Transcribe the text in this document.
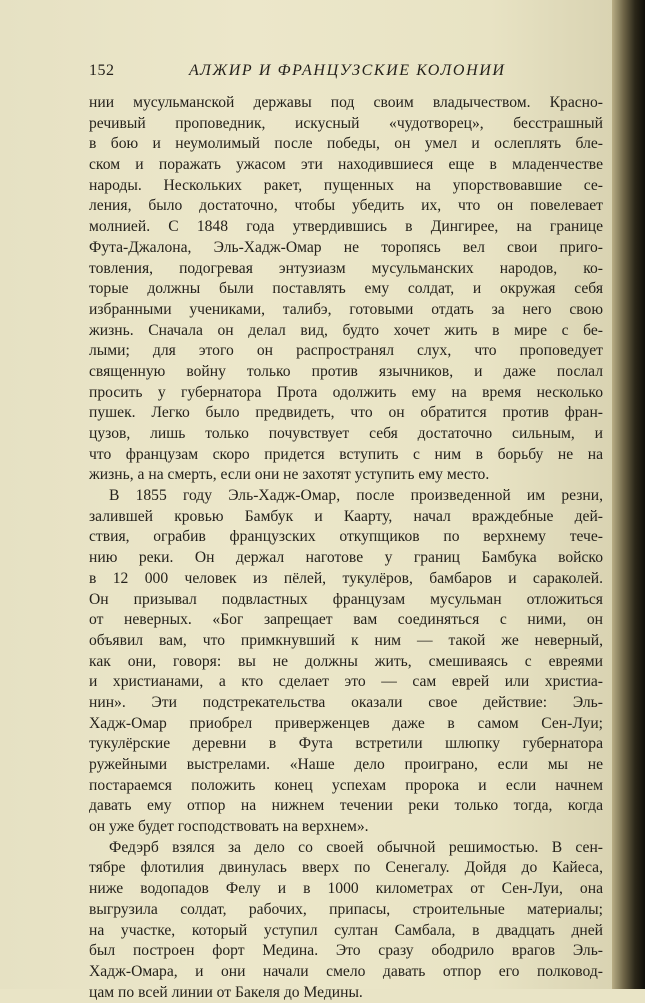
152	АЛЖИР И ФРАНЦУЗСКИЕ КОЛОНИИ
нии мусульманской державы под своим владычеством. Красно-
речивый проповедник, искусный «чудотворец», бесстрашный
в бою и неумолимый после победы, он умел и ослеплять бле-
ском и поражать ужасом эти находившиеся еще в младенчестве
народы. Нескольких ракет, пущенных на упорствовавшие се-
ления, было достаточно, чтобы убедить их, что он повелевает
молнией. С 1848 года утвердившись в Дингирее, на границе
Фута-Джалона, Эль-Хадж-Омар не торопясь вел свои приго-
товления, подогревая энтузиазм мусульманских народов, ко-
торые должны были поставлять ему солдат, и окружая себя
избранными учениками, талибэ, готовыми отдать за него свою
жизнь. Сначала он делал вид, будто хочет жить в мире с бе-
лыми; для этого он распространял слух, что проповедует
священную войну только против язычников, и даже послал
просить у губернатора Прота одолжить ему на время несколько
пушек. Легко было предвидеть, что он обратится против фран-
цузов, лишь только почувствует себя достаточно сильным, и
что французам скоро придется вступить с ним в борьбу не на
жизнь, а на смерть, если они не захотят уступить ему место.
В 1855 году Эль-Хадж-Омар, после произведенной им резни,
залившей кровью Бамбук и Каарту, начал враждебные дей-
ствия, ограбив французских откупщиков по верхнему тече-
нию реки. Он держал наготове у границ Бамбука войско
в 12 000 человек из пёлей, тукулёров, бамбаров и сараколей.
Он призывал подвластных французам мусульман отложиться
от неверных. «Бог запрещает вам соединяться с ними, он
объявил вам, что примкнувший к ним — такой же неверный,
как они, говоря: вы не должны жить, смешиваясь с евреями
и христианами, а кто сделает это — сам еврей или христиа-
нин». Эти подстрекательства оказали свое действие: Эль-
Хадж-Омар приобрел приверженцев даже в самом Сен-Луи;
тукулёрские деревни в Фута встретили шлюпку губернатора
ружейными выстрелами. «Наше дело проиграно, если мы не
постараемся положить конец успехам пророка и если начнем
давать ему отпор на нижнем течении реки только тогда, когда
он уже будет господствовать на верхнем».
Федэрб взялся за дело со своей обычной решимостью. В сен-
тябре флотилия двинулась вверх по Сенегалу. Дойдя до Кайеса,
ниже водопадов Фелу и в 1000 километрах от Сен-Луи, она
выгрузила солдат, рабочих, припасы, строительные материалы;
на участке, который уступил султан Самбала, в двадцать дней
был построен форт Медина. Это сразу ободрило врагов Эль-
Хадж-Омара, и они начали смело давать отпор его полковод-
цам по всей линии от Бакеля до Медины.
